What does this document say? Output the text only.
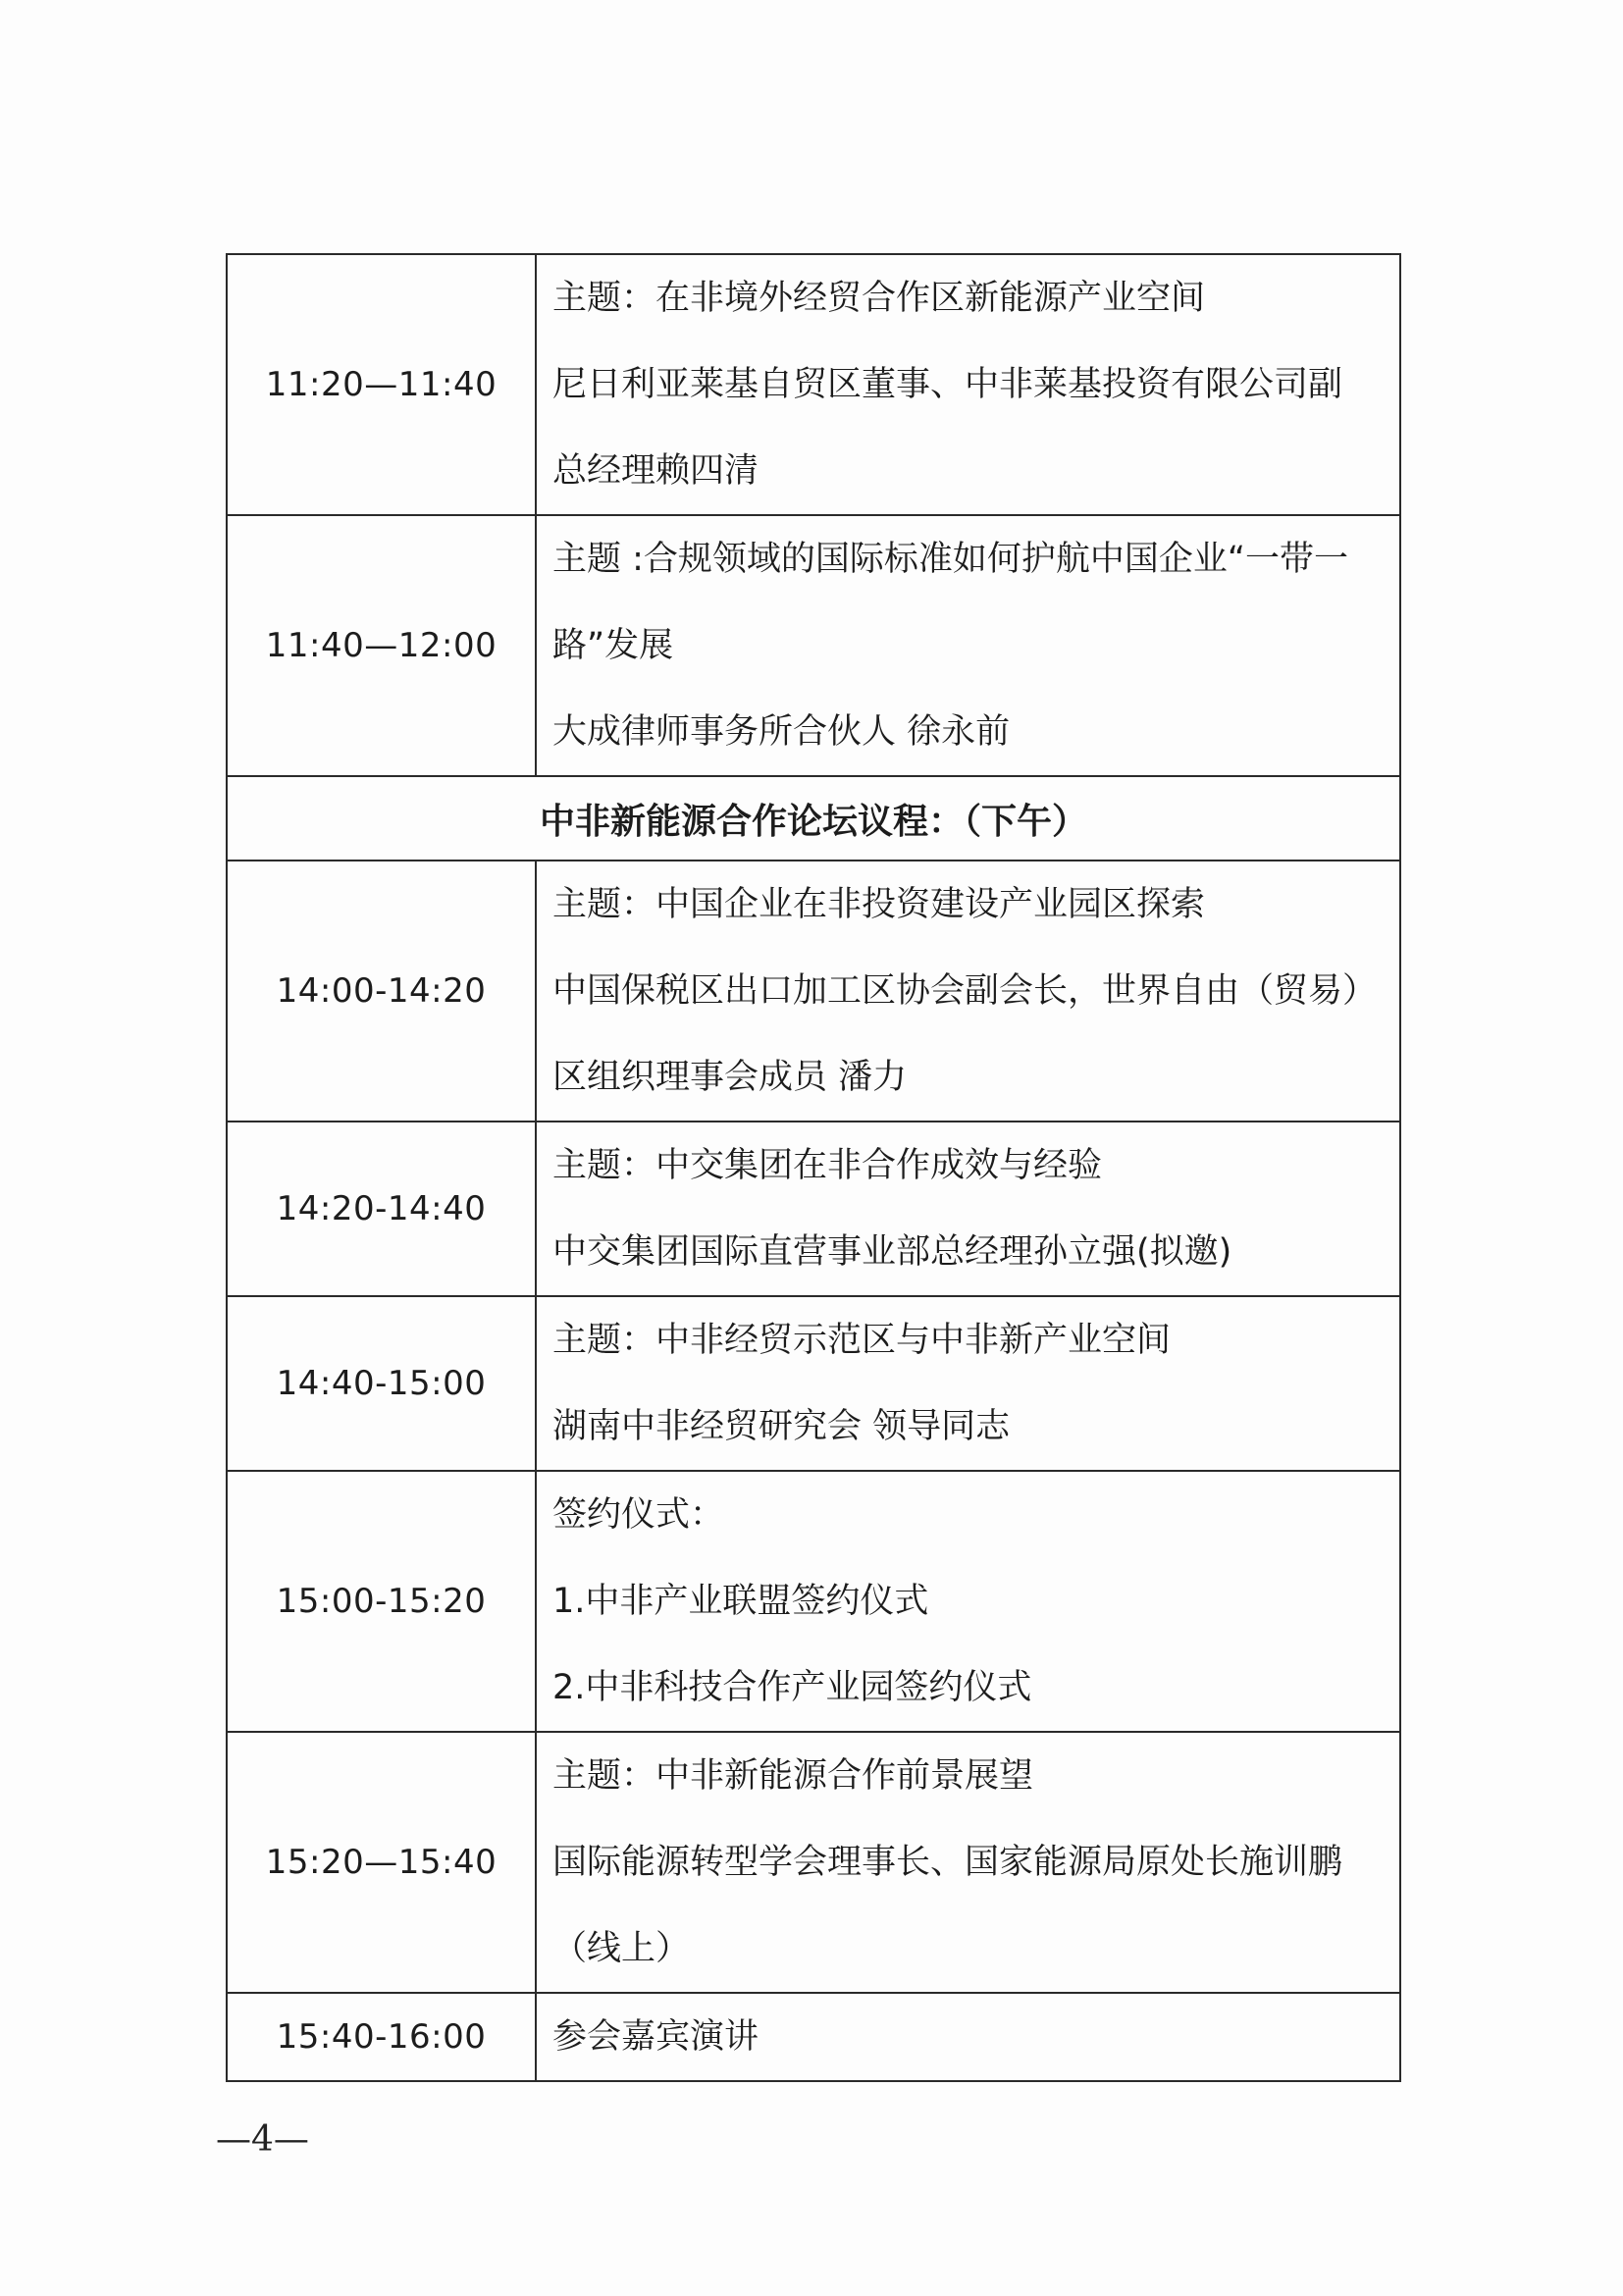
11:20—11:40	主题：在非境外经贸合作区新能源产业空间
尼日利亚莱基自贸区董事、中非莱基投资有限公司副
总经理赖四清

11:40—12:00	主题 :合规领域的国际标准如何护航中国企业“一带一
路”发展
大成律师事务所合伙人 徐永前

中非新能源合作论坛议程：（下午）	
14:00-14:20	主题：中国企业在非投资建设产业园区探索
中国保税区出口加工区协会副会长，世界自由（贸易）
区组织理事会成员 潘力

14:20-14:40	主题：中交集团在非合作成效与经验
中交集团国际直营事业部总经理孙立强(拟邀)

14:40-15:00	主题：中非经贸示范区与中非新产业空间
湖南中非经贸研究会 领导同志

15:00-15:20	签约仪式：
1.中非产业联盟签约仪式
2.中非科技合作产业园签约仪式

15:20—15:40	主题：中非新能源合作前景展望
国际能源转型学会理事长、国家能源局原处长施训鹏
（线上）

15:40-16:00	参会嘉宾演讲
—4—
